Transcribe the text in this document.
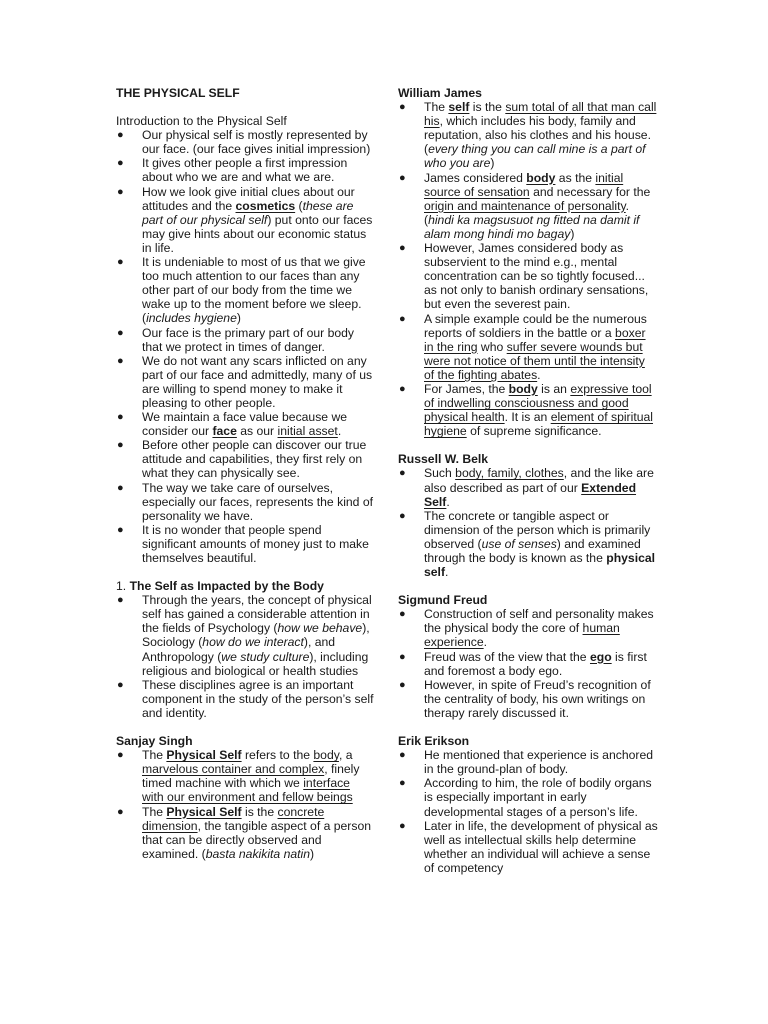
THE PHYSICAL SELF

Introduction to the Physical Self

● Our physical self is mostly represented by our face. (our face gives initial impression)
● It gives other people a first impression about who we are and what we are.
● How we look give initial clues about our attitudes and the cosmetics (these are part of our physical self) put onto our faces may give hints about our economic status in life.
● It is undeniable to most of us that we give too much attention to our faces than any other part of our body from the time we wake up to the moment before we sleep. (includes hygiene)
● Our face is the primary part of our body that we protect in times of danger.
● We do not want any scars inflicted on any part of our face and admittedly, many of us are willing to spend money to make it pleasing to other people.
● We maintain a face value because we consider our face as our initial asset.
● Before other people can discover our true attitude and capabilities, they first rely on what they can physically see.
● The way we take care of ourselves, especially our faces, represents the kind of personality we have.
● It is no wonder that people spend significant amounts of money just to make themselves beautiful.

1. The Self as Impacted by the Body

● Through the years, the concept of physical self has gained a considerable attention in the fields of Psychology (how we behave), Sociology (how do we interact), and Anthropology (we study culture), including religious and biological or health studies
● These disciplines agree is an important component in the study of the person’s self and identity.

Sanjay Singh

● The Physical Self refers to the body, a marvelous container and complex, finely timed machine with which we interface with our environment and fellow beings
● The Physical Self is the concrete dimension, the tangible aspect of a person that can be directly observed and examined. (basta nakikita natin)

William James

● The self is the sum total of all that man call his, which includes his body, family and reputation, also his clothes and his house. (every thing you can call mine is a part of who you are)
● James considered body as the initial source of sensation and necessary for the origin and maintenance of personality. (hindi ka magsusuot ng fitted na damit if alam mong hindi mo bagay)
● However, James considered body as subservient to the mind e.g., mental concentration can be so tightly focused... as not only to banish ordinary sensations, but even the severest pain.
● A simple example could be the numerous reports of soldiers in the battle or a boxer in the ring who suffer severe wounds but were not notice of them until the intensity of the fighting abates.
● For James, the body is an expressive tool of indwelling consciousness and good physical health. It is an element of spiritual hygiene of supreme significance.

Russell W. Belk

● Such body, family, clothes, and the like are also described as part of our Extended Self.
● The concrete or tangible aspect or dimension of the person which is primarily observed (use of senses) and examined through the body is known as the physical self.

Sigmund Freud

● Construction of self and personality makes the physical body the core of human experience.
● Freud was of the view that the ego is first and foremost a body ego.
● However, in spite of Freud’s recognition of the centrality of body, his own writings on therapy rarely discussed it.

Erik Erikson

● He mentioned that experience is anchored in the ground-plan of body.
● According to him, the role of bodily organs is especially important in early developmental stages of a person’s life.
● Later in life, the development of physical as well as intellectual skills help determine whether an individual will achieve a sense of competency
